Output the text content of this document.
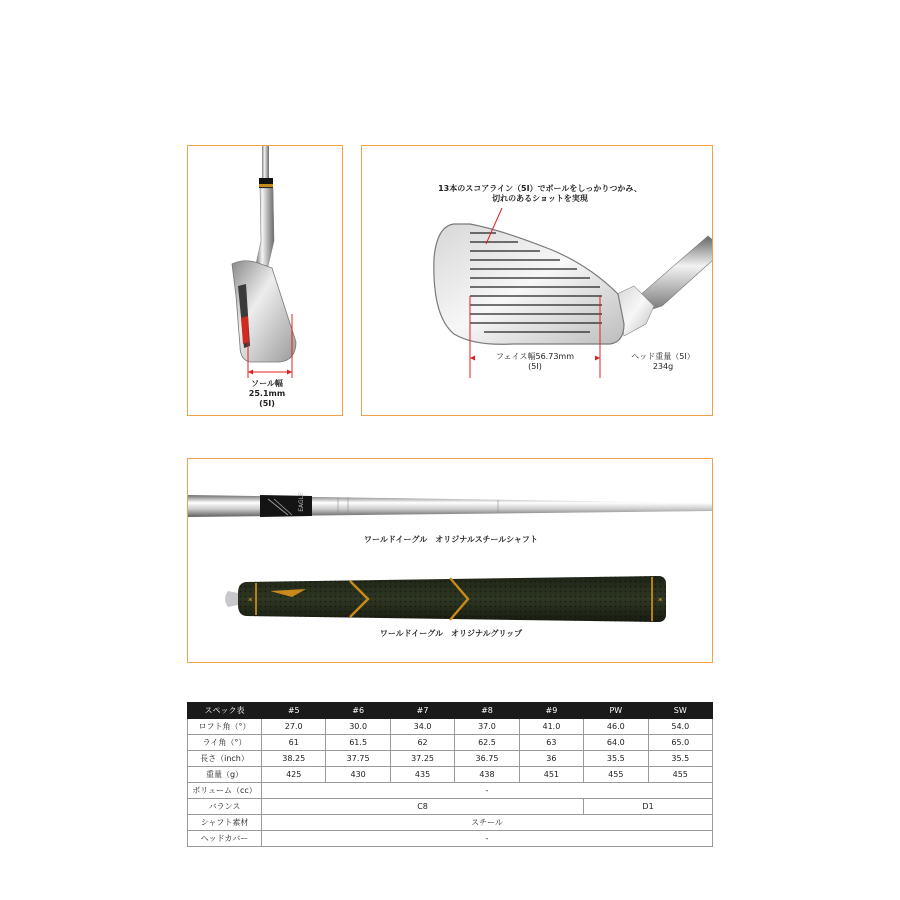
ソール幅
25.1mm
(5I)
13本のスコアライン（5I）でボールをしっかりつかみ、
切れのあるショットを実現
フェイス幅56.73mm
(5I)
ヘッド重量（5I）
234g
*	*
EAGLE
ワールドイーグル　オリジナルスチールシャフト
ワールドイーグル　オリジナルグリップ
スペック表	#5	#6	#7	#8	#9	PW	SW
ロフト角（°）	27.0	30.0	34.0	37.0	41.0	46.0	54.0
ライ角（°）	61	61.5	62	62.5	63	64.0	65.0
長さ（inch）	38.25	37.75	37.25	36.75	36	35.5	35.5
重量（g）	425	430	435	438	451	455	455
ボリューム（cc）	-						
バランス	C8					D1	
シャフト素材	スチール						
ヘッドカバー	-						
